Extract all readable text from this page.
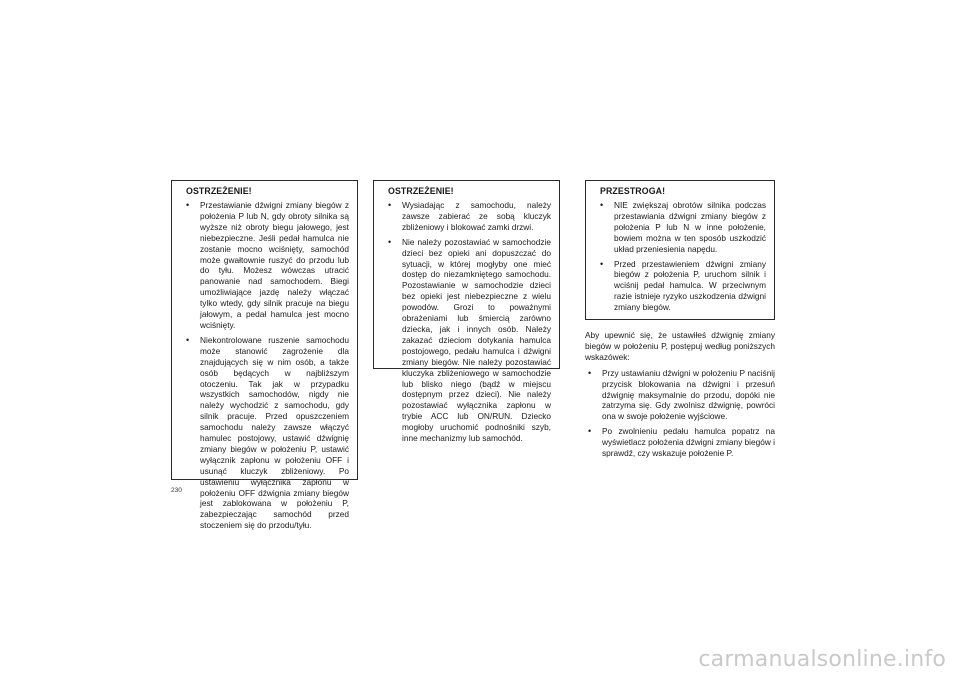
OSTRZEŻENIE!
• Przestawianie dźwigni zmiany biegów z położenia P lub N, gdy obroty silnika są wyższe niż obroty biegu jałowego, jest niebezpieczne. Jeśli pedał hamulca nie zostanie mocno wciśnięty, samochód może gwałtownie ruszyć do przodu lub do tyłu. Możesz wówczas utracić panowanie nad samochodem. Biegi umożliwiające jazdę należy włączać tylko wtedy, gdy silnik pracuje na biegu jałowym, a pedał hamulca jest mocno wciśnięty.
• Niekontrolowane ruszenie samochodu może stanowić zagrożenie dla znajdujących się w nim osób, a także osób będących w najbliższym otoczeniu. Tak jak w przypadku wszystkich samochodów, nigdy nie należy wychodzić z samochodu, gdy silnik pracuje. Przed opuszczeniem samochodu należy zawsze włączyć hamulec postojowy, ustawić dźwignię zmiany biegów w położeniu P, ustawić wyłącznik zapłonu w położeniu OFF i usunąć kluczyk zbliżeniowy. Po ustawieniu wyłącznika zapłonu w położeniu OFF dźwignia zmiany biegów jest zablokowana w położeniu P, zabezpieczając samochód przed stoczeniem się do przodu/tyłu.
OSTRZEŻENIE!
• Wysiadając z samochodu, należy zawsze zabierać ze sobą kluczyk zbliżeniowy i blokować zamki drzwi.
• Nie należy pozostawiać w samochodzie dzieci bez opieki ani dopuszczać do sytuacji, w której mogłyby one mieć dostęp do niezamkniętego samochodu. Pozostawianie w samochodzie dzieci bez opieki jest niebezpieczne z wielu powodów. Grozi to poważnymi obrażeniami lub śmiercią zarówno dziecka, jak i innych osób. Należy zakazać dzieciom dotykania hamulca postojowego, pedału hamulca i dźwigni zmiany biegów. Nie należy pozostawiać kluczyka zbliżeniowego w samochodzie lub blisko niego (bądź w miejscu dostępnym przez dzieci). Nie należy pozostawiać wyłącznika zapłonu w trybie ACC lub ON/RUN. Dziecko mogłoby uruchomić podnośniki szyb, inne mechanizmy lub samochód.
PRZESTROGA!
• NIE zwiększaj obrotów silnika podczas przestawiania dźwigni zmiany biegów z położenia P lub N w inne położenie, bowiem można w ten sposób uszkodzić układ przeniesienia napędu.
• Przed przestawieniem dźwigni zmiany biegów z położenia P, uruchom silnik i wciśnij pedał hamulca. W przeciwnym razie istnieje ryzyko uszkodzenia dźwigni zmiany biegów.

Aby upewnić się, że ustawiłeś dźwignię zmiany biegów w położeniu P, postępuj według poniższych wskazówek:

• Przy ustawianiu dźwigni w położeniu P naciśnij przycisk blokowania na dźwigni i przesuń dźwignię maksymalnie do przodu, dopóki nie zatrzyma się. Gdy zwolnisz dźwignię, powróci ona w swoje położenie wyjściowe.
• Po zwolnieniu pedału hamulca popatrz na wyświetlacz położenia dźwigni zmiany biegów i sprawdź, czy wskazuje położenie P.
230
carmanualsonline.info
